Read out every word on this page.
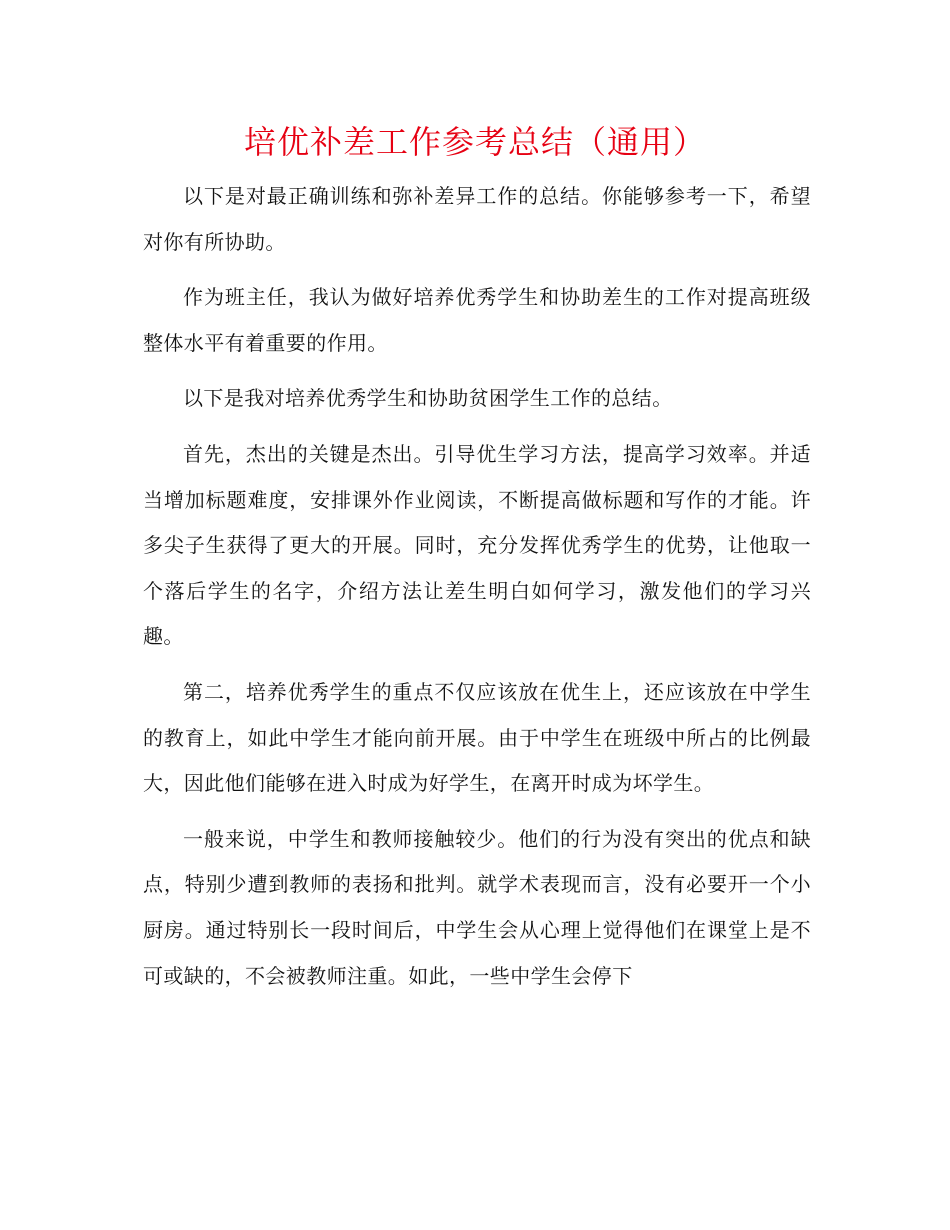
培优补差工作参考总结（通用）

以下是对最正确训练和弥补差异工作的总结。你能够参考一下，希望对你有所协助。

作为班主任，我认为做好培养优秀学生和协助差生的工作对提高班级整体水平有着重要的作用。

以下是我对培养优秀学生和协助贫困学生工作的总结。

首先，杰出的关键是杰出。引导优生学习方法，提高学习效率。并适当增加标题难度，安排课外作业阅读，不断提高做标题和写作的才能。许多尖子生获得了更大的开展。同时，充分发挥优秀学生的优势，让他取一个落后学生的名字，介绍方法让差生明白如何学习，激发他们的学习兴趣。

第二，培养优秀学生的重点不仅应该放在优生上，还应该放在中学生的教育上，如此中学生才能向前开展。由于中学生在班级中所占的比例最大，因此他们能够在进入时成为好学生，在离开时成为坏学生。

一般来说，中学生和教师接触较少。他们的行为没有突出的优点和缺点，特别少遭到教师的表扬和批判。就学术表现而言，没有必要开一个小厨房。通过特别长一段时间后，中学生会从心理上觉得他们在课堂上是不可或缺的，不会被教师注重。如此，一些中学生会停下
